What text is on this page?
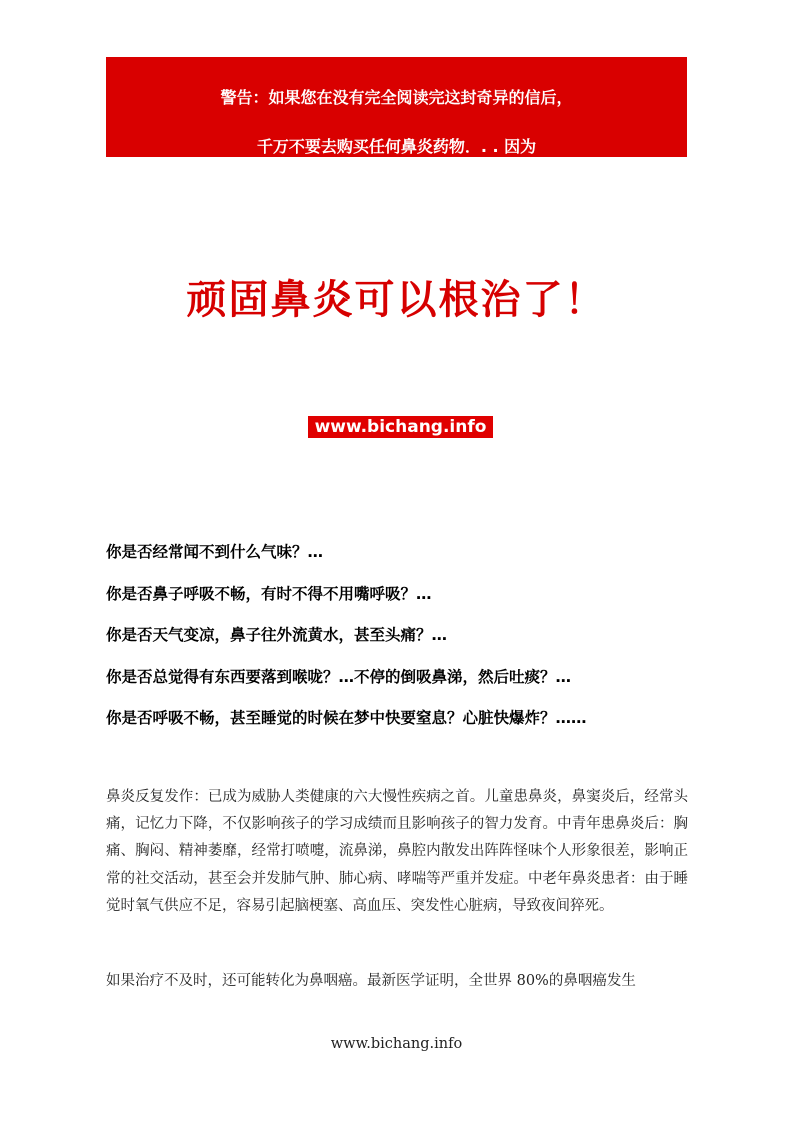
警告：如果您在没有完全阅读完这封奇异的信后，
千万不要去购买任何鼻炎药物．. . 因为
顽固鼻炎可以根治了！
www.bichang.info
你是否经常闻不到什么气味？…
你是否鼻子呼吸不畅，有时不得不用嘴呼吸？…
你是否天气变凉，鼻子往外流黄水，甚至头痛？…
你是否总觉得有东西要落到喉咙？…不停的倒吸鼻涕，然后吐痰？…
你是否呼吸不畅，甚至睡觉的时候在梦中快要窒息？心脏快爆炸？……
鼻炎反复发作：已成为威胁人类健康的六大慢性疾病之首。儿童患鼻炎，鼻窦炎后，经常头痛，记忆力下降，不仅影响孩子的学习成绩而且影响孩子的智力发育。中青年患鼻炎后：胸痛、胸闷、精神萎靡，经常打喷嚏，流鼻涕，鼻腔内散发出阵阵怪味个人形象很差，影响正常的社交活动，甚至会并发肺气肿、肺心病、哮喘等严重并发症。中老年鼻炎患者：由于睡觉时氧气供应不足，容易引起脑梗塞、高血压、突发性心脏病，导致夜间猝死。
如果治疗不及时，还可能转化为鼻咽癌。最新医学证明，全世界 80%的鼻咽癌发生
www.bichang.info
